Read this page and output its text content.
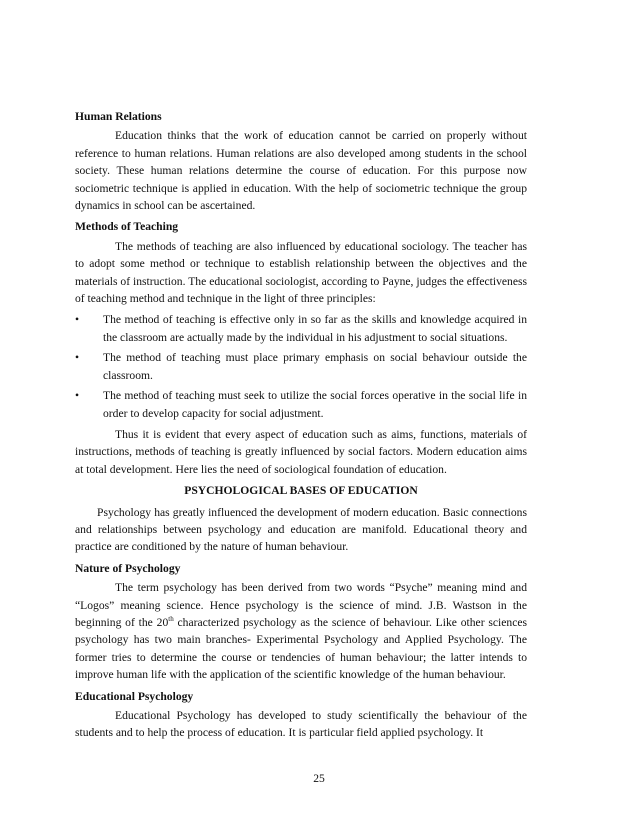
Human Relations

Education thinks that the work of education cannot be carried on properly without reference to human relations. Human relations are also developed among students in the school society. These human relations determine the course of education. For this purpose now sociometric technique is applied in education. With the help of sociometric technique the group dynamics in school can be ascertained.

Methods of Teaching

The methods of teaching are also influenced by educational sociology. The teacher has to adopt some method or technique to establish relationship between the objectives and the materials of instruction. The educational sociologist, according to Payne, judges the effectiveness of teaching method and technique in the light of three principles:

•	The method of teaching is effective only in so far as the skills and knowledge acquired in the classroom are actually made by the individual in his adjustment to social situations.
•	The method of teaching must place primary emphasis on social behaviour outside the classroom.
•	The method of teaching must seek to utilize the social forces operative in the social life in order to develop capacity for social adjustment.

Thus it is evident that every aspect of education such as aims, functions, materials of instructions, methods of teaching is greatly influenced by social factors. Modern education aims at total development. Here lies the need of sociological foundation of education.

PSYCHOLOGICAL BASES OF EDUCATION

Psychology has greatly influenced the development of modern education. Basic connections and relationships between psychology and education are manifold. Educational theory and practice are conditioned by the nature of human behaviour.

Nature of Psychology

The term psychology has been derived from two words “Psyche” meaning mind and “Logos” meaning science. Hence psychology is the science of mind. J.B. Wastson in the beginning of the 20th characterized psychology as the science of behaviour. Like other sciences psychology has two main branches- Experimental Psychology and Applied Psychology. The former tries to determine the course or tendencies of human behaviour; the latter intends to improve human life with the application of the scientific knowledge of the human behaviour.

Educational Psychology

Educational Psychology has developed to study scientifically the behaviour of the students and to help the process of education. It is particular field applied psychology. It

25
